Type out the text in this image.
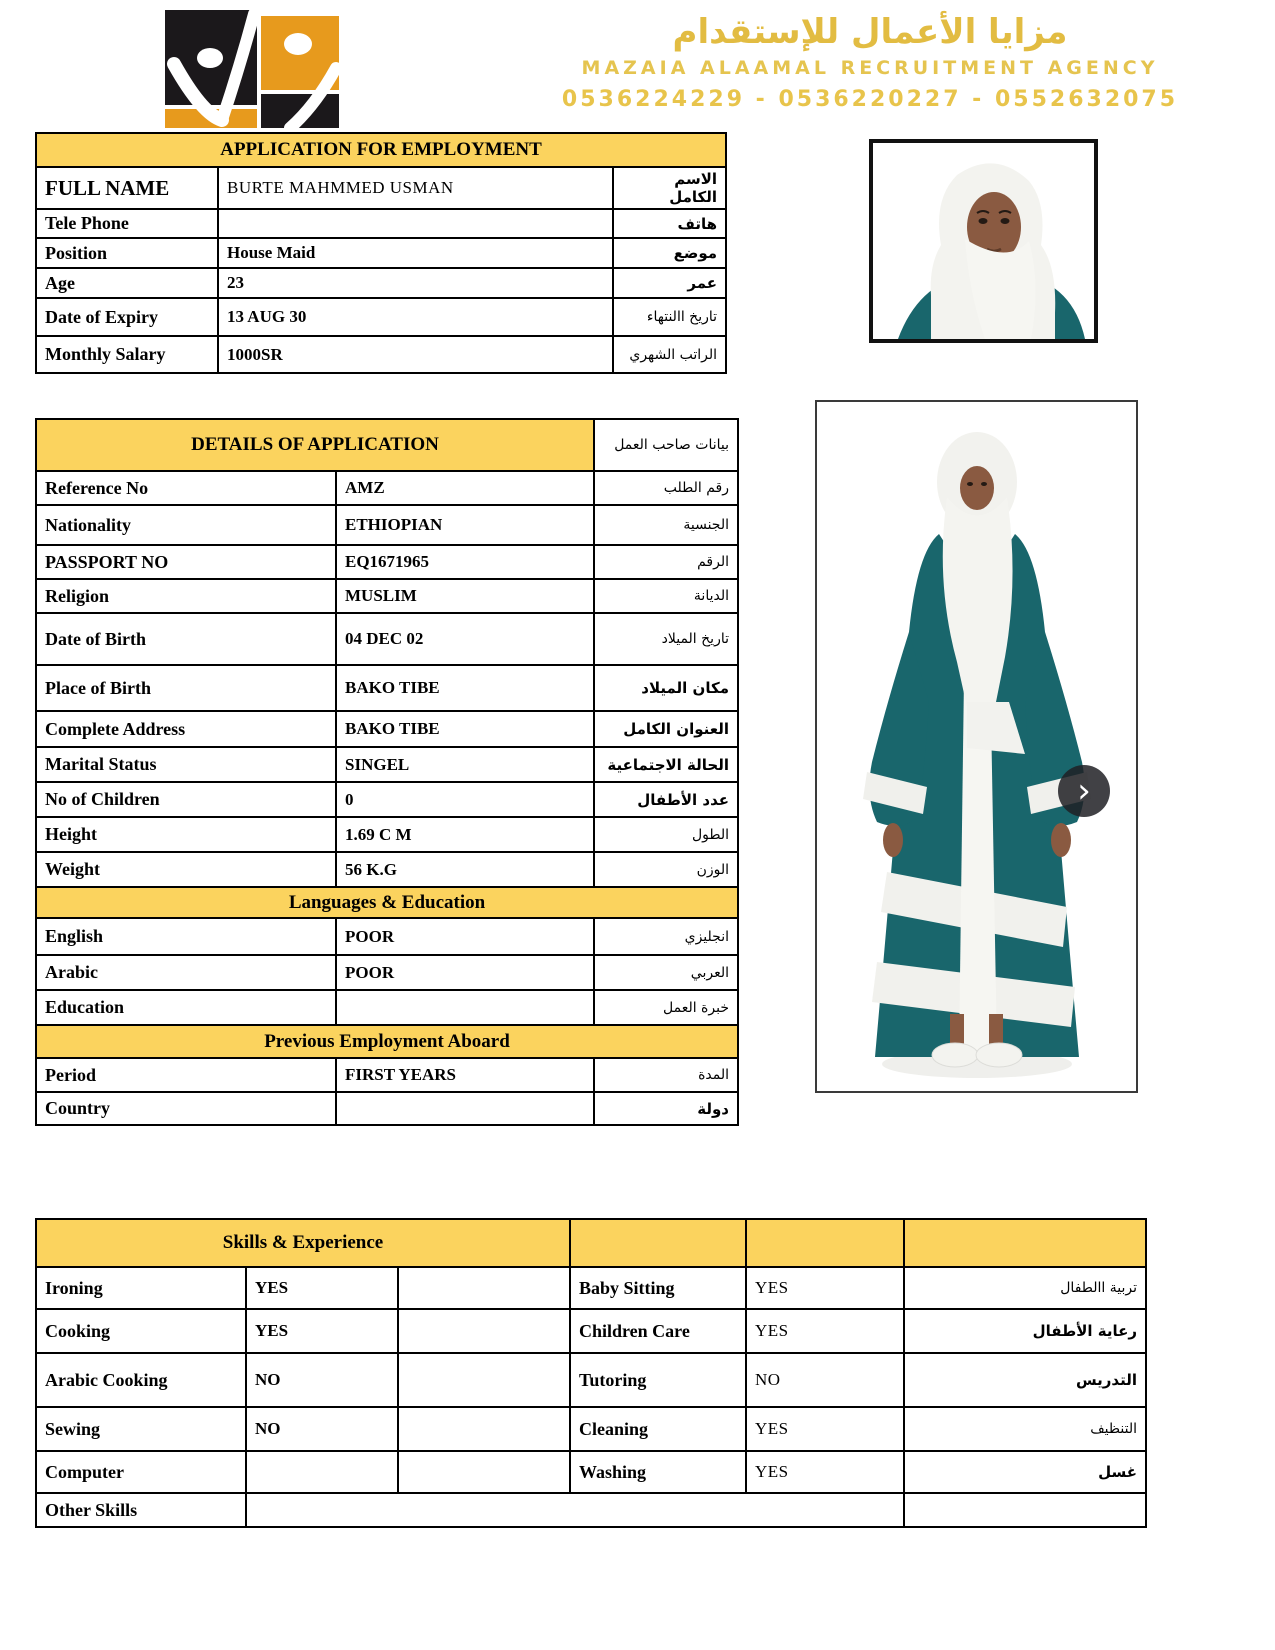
مزايا الأعمال للإستقدام
MAZAIA ALAAMAL RECRUITMENT AGENCY
0536224229 - 0536220227 - 0552632075
APPLICATION FOR EMPLOYMENT		
FULL NAME	BURTE MAHMMED USMAN	الاسم الكامل
Tele Phone		هاتف
Position	House Maid	موضع
Age	23	عمر
Date of Expiry	13 AUG 30	تاريخ االنتهاء
Monthly Salary	1000SR	الراتب الشهري
DETAILS OF APPLICATION		بيانات صاحب العمل
Reference No	AMZ	رقم الطلب
Nationality	ETHIOPIAN	الجنسية
PASSPORT NO	EQ1671965	الرقم
Religion	MUSLIM	الديانة
Date of Birth	04 DEC 02	تاريخ الميلاد
Place of Birth	BAKO TIBE	مكان الميلاد
Complete Address	BAKO TIBE	العنوان الكامل
Marital Status	SINGEL	الحالة الاجتماعية
No of Children	0	عدد الأطفال
Height	1.69 C M	الطول
Weight	56 K.G	الوزن
Languages & Education		
English	POOR	انجليزي
Arabic	POOR	العربي
Education		خبرة العمل
Previous Employment Aboard		
Period	FIRST YEARS	المدة
Country		دولة
Skills & Experience					
Ironing	YES		Baby Sitting	YES	تربية االطفال
Cooking	YES		Children Care	YES	رعاية الأطفال
Arabic Cooking	NO		Tutoring	NO	التدريس
Sewing	NO		Cleaning	YES	التنظيف
Computer			Washing	YES	غسل
Other Skills					
›
